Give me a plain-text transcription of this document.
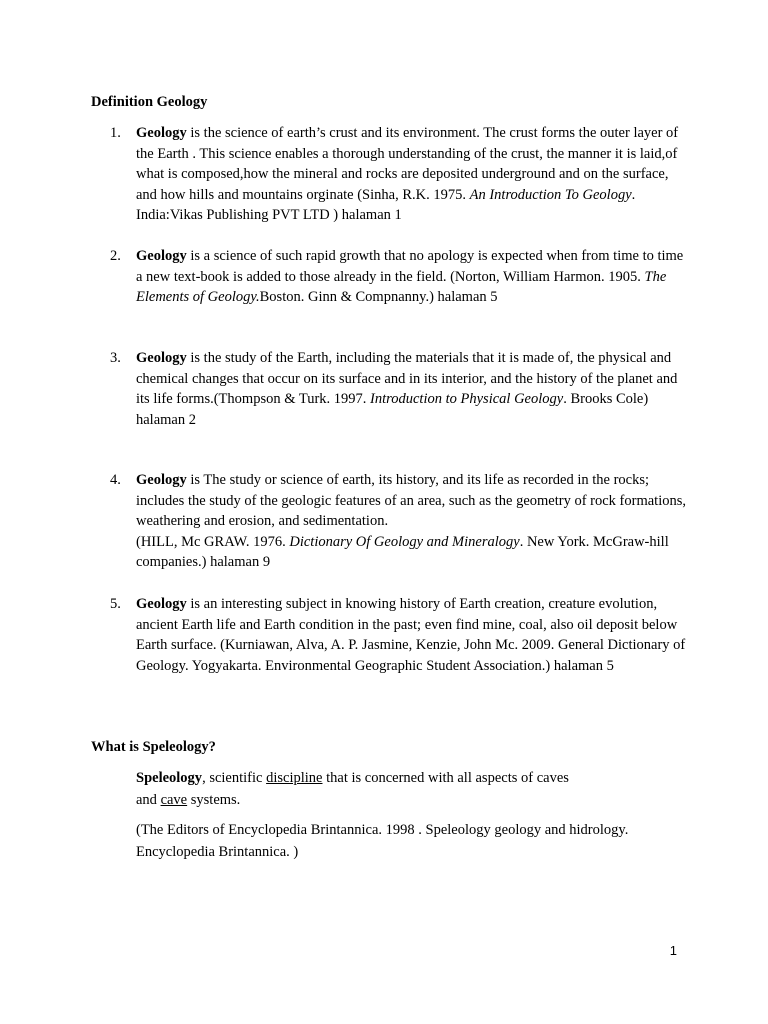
Definition Geology
1.	Geology is the science of earth’s crust and its environment. The crust forms the outer layer of the Earth . This science enables a thorough understanding of the crust, the manner it is laid,of what is composed,how the mineral and rocks are deposited underground and on the surface, and how hills and mountains orginate (Sinha, R.K. 1975. An Introduction To Geology. India:Vikas Publishing PVT LTD ) halaman 1
2.	Geology is a science of such rapid growth that no apology is expected when from time to time a new text-book is added to those already in the field. (Norton, William Harmon. 1905. The Elements of Geology.Boston. Ginn & Compnanny.) halaman 5
3.	Geology is the study of the Earth, including the materials that it is made of, the physical and chemical changes that occur on its surface and in its interior, and the history of the planet and its life forms.(Thompson & Turk. 1997. Introduction to Physical Geology. Brooks Cole) halaman 2
4.	Geology is The study or science of earth, its history, and its life as recorded in the rocks; includes the study of the geologic features of an area, such as the geometry of rock formations, weathering and erosion, and sedimentation.
(HILL, Mc GRAW. 1976. Dictionary Of Geology and Mineralogy. New York. McGraw-hill companies.) halaman 9
5.	Geology is an interesting subject in knowing history of Earth creation, creature evolution, ancient Earth life and Earth condition in the past; even find mine, coal, also oil deposit below Earth surface. (Kurniawan, Alva, A. P. Jasmine, Kenzie, John Mc. 2009. General Dictionary of Geology. Yogyakarta. Environmental Geographic Student Association.) halaman 5
What is Speleology?
Speleology, scientific discipline that is concerned with all aspects of caves
and cave systems.
(The Editors of Encyclopedia Brintannica. 1998 . Speleology geology and hidrology. Encyclopedia Brintannica. )
1
